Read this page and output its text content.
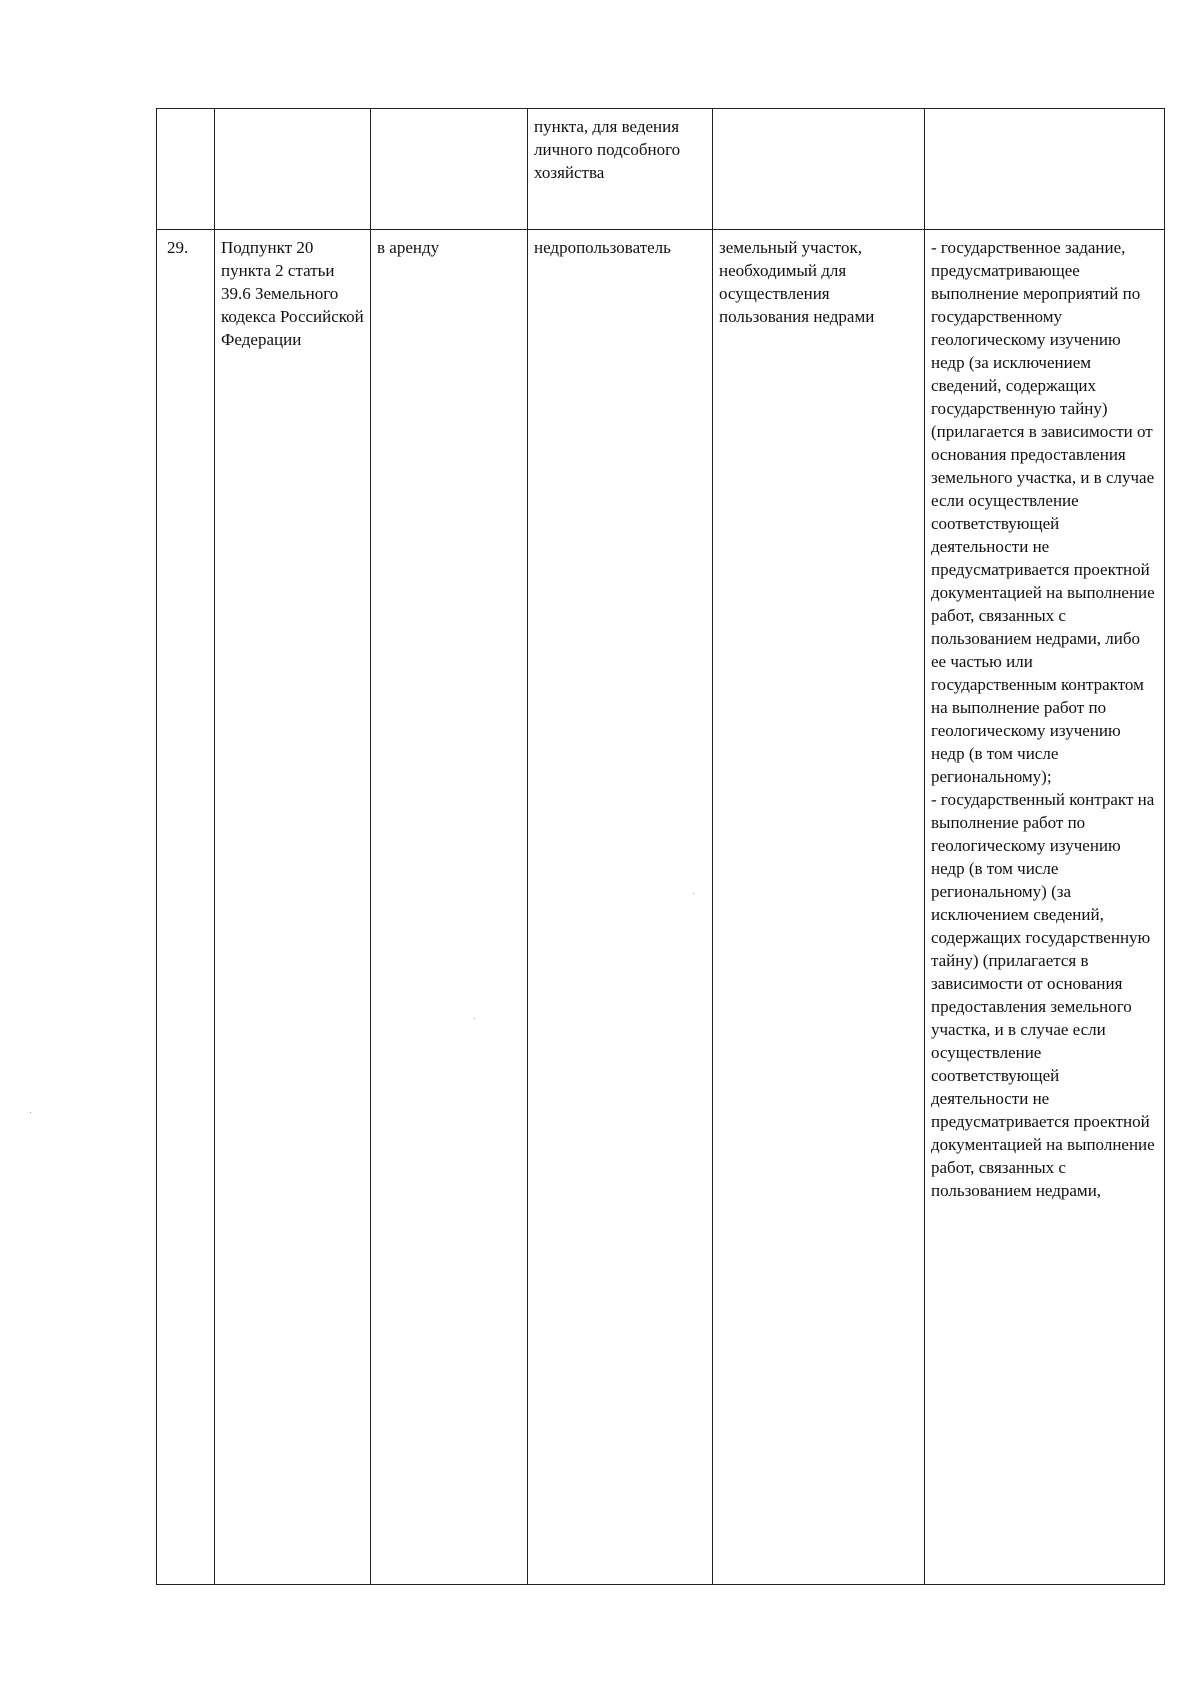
			пункта, для ведения личного подсобного хозяйства		
29.	Подпункт 20 пункта 2 статьи 39.6 Земельного кодекса Российской Федерации	в аренду	недропользователь	земельный участок, необходимый для осуществления пользования недрами	- государственное задание, предусматривающее выполнение мероприятий по государственному геологическому изучению недр (за исключением сведений, содержащих государственную тайну) (прилагается в зависимости от основания предоставления земельного участка, и в случае если осуществление соответствующей деятельности не предусматривается проектной документацией на выполнение работ, связанных с пользованием недрами, либо ее частью или государственным контрактом на выполнение работ по геологическому изучению недр (в том числе региональному);
- государственный контракт на выполнение работ по геологическому изучению недр (в том числе региональному) (за исключением сведений, содержащих государственную тайну) (прилагается в зависимости от основания предоставления земельного участка, и в случае если осуществление соответствующей деятельности не предусматривается проектной документацией на выполнение работ, связанных с пользованием недрами,
